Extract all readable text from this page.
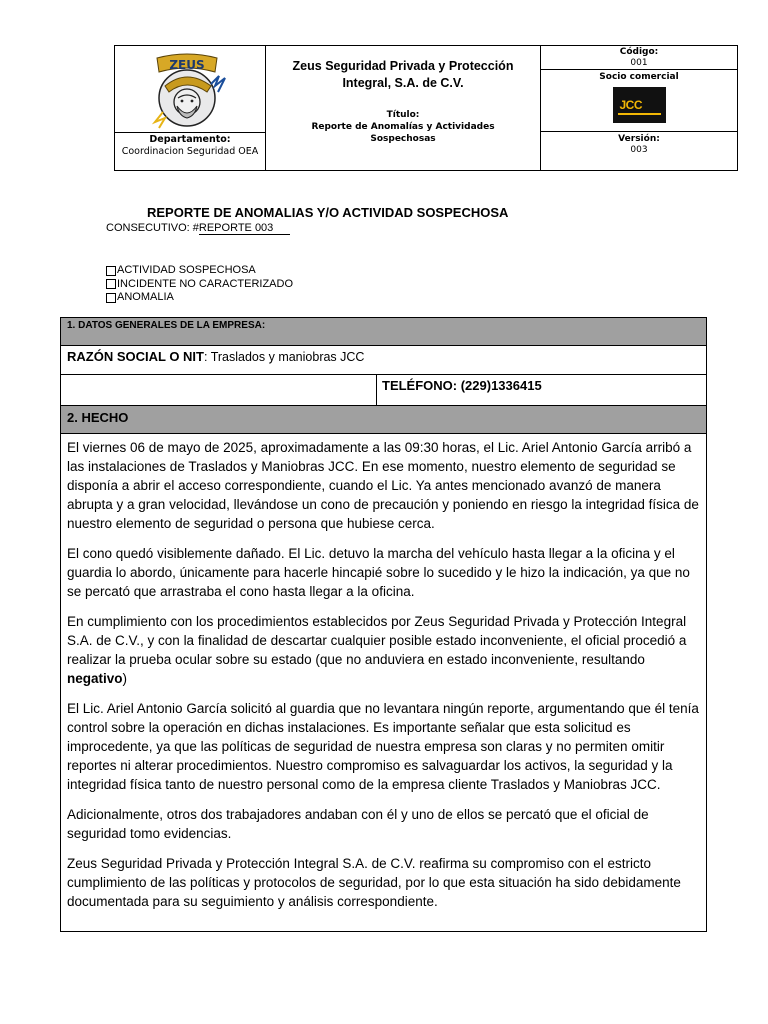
ZEUS
Departamento:
Coordinacion Seguridad OEA
Zeus Seguridad Privada y Protección Integral, S.A. de C.V.
Título:
Reporte de Anomalías y Actividades Sospechosas
Código:
001
Socio comercial
JCC
Versión:
003
REPORTE DE ANOMALIAS Y/O ACTIVIDAD SOSPECHOSA
CONSECUTIVO: #REPORTE 003
ACTIVIDAD SOSPECHOSA
INCIDENTE NO CARACTERIZADO
ANOMALIA
1. DATOS GENERALES DE LA EMPRESA:
RAZÓN SOCIAL O NIT: Traslados y maniobras JCC
TELÉFONO: (229)1336415
2. HECHO

El viernes 06 de mayo de 2025, aproximadamente a las 09:30 horas, el Lic. Ariel Antonio García arribó a las instalaciones de Traslados y Maniobras JCC. En ese momento, nuestro elemento de seguridad se disponía a abrir el acceso correspondiente, cuando el Lic. Ya antes mencionado avanzó de manera abrupta y a gran velocidad, llevándose un cono de precaución y poniendo en riesgo la integridad física de nuestro elemento de seguridad o persona que hubiese cerca.

El cono quedó visiblemente dañado. El Lic. detuvo la marcha del vehículo hasta llegar a la oficina y el guardia lo abordo, únicamente para hacerle hincapié sobre lo sucedido y le hizo la indicación, ya que no se percató que arrastraba el cono hasta llegar a la oficina.

En cumplimiento con los procedimientos establecidos por Zeus Seguridad Privada y Protección Integral S.A. de C.V., y con la finalidad de descartar cualquier posible estado inconveniente, el oficial procedió a realizar la prueba ocular sobre su estado (que no anduviera en estado inconveniente, resultando negativo)

El Lic. Ariel Antonio García solicitó al guardia que no levantara ningún reporte, argumentando que él tenía control sobre la operación en dichas instalaciones. Es importante señalar que esta solicitud es improcedente, ya que las políticas de seguridad de nuestra empresa son claras y no permiten omitir reportes ni alterar procedimientos. Nuestro compromiso es salvaguardar los activos, la seguridad y la integridad física tanto de nuestro personal como de la empresa cliente Traslados y Maniobras JCC.

Adicionalmente, otros dos trabajadores andaban con él y uno de ellos se percató que el oficial de seguridad tomo evidencias.

Zeus Seguridad Privada y Protección Integral S.A. de C.V. reafirma su compromiso con el estricto cumplimiento de las políticas y protocolos de seguridad, por lo que esta situación ha sido debidamente documentada para su seguimiento y análisis correspondiente.
